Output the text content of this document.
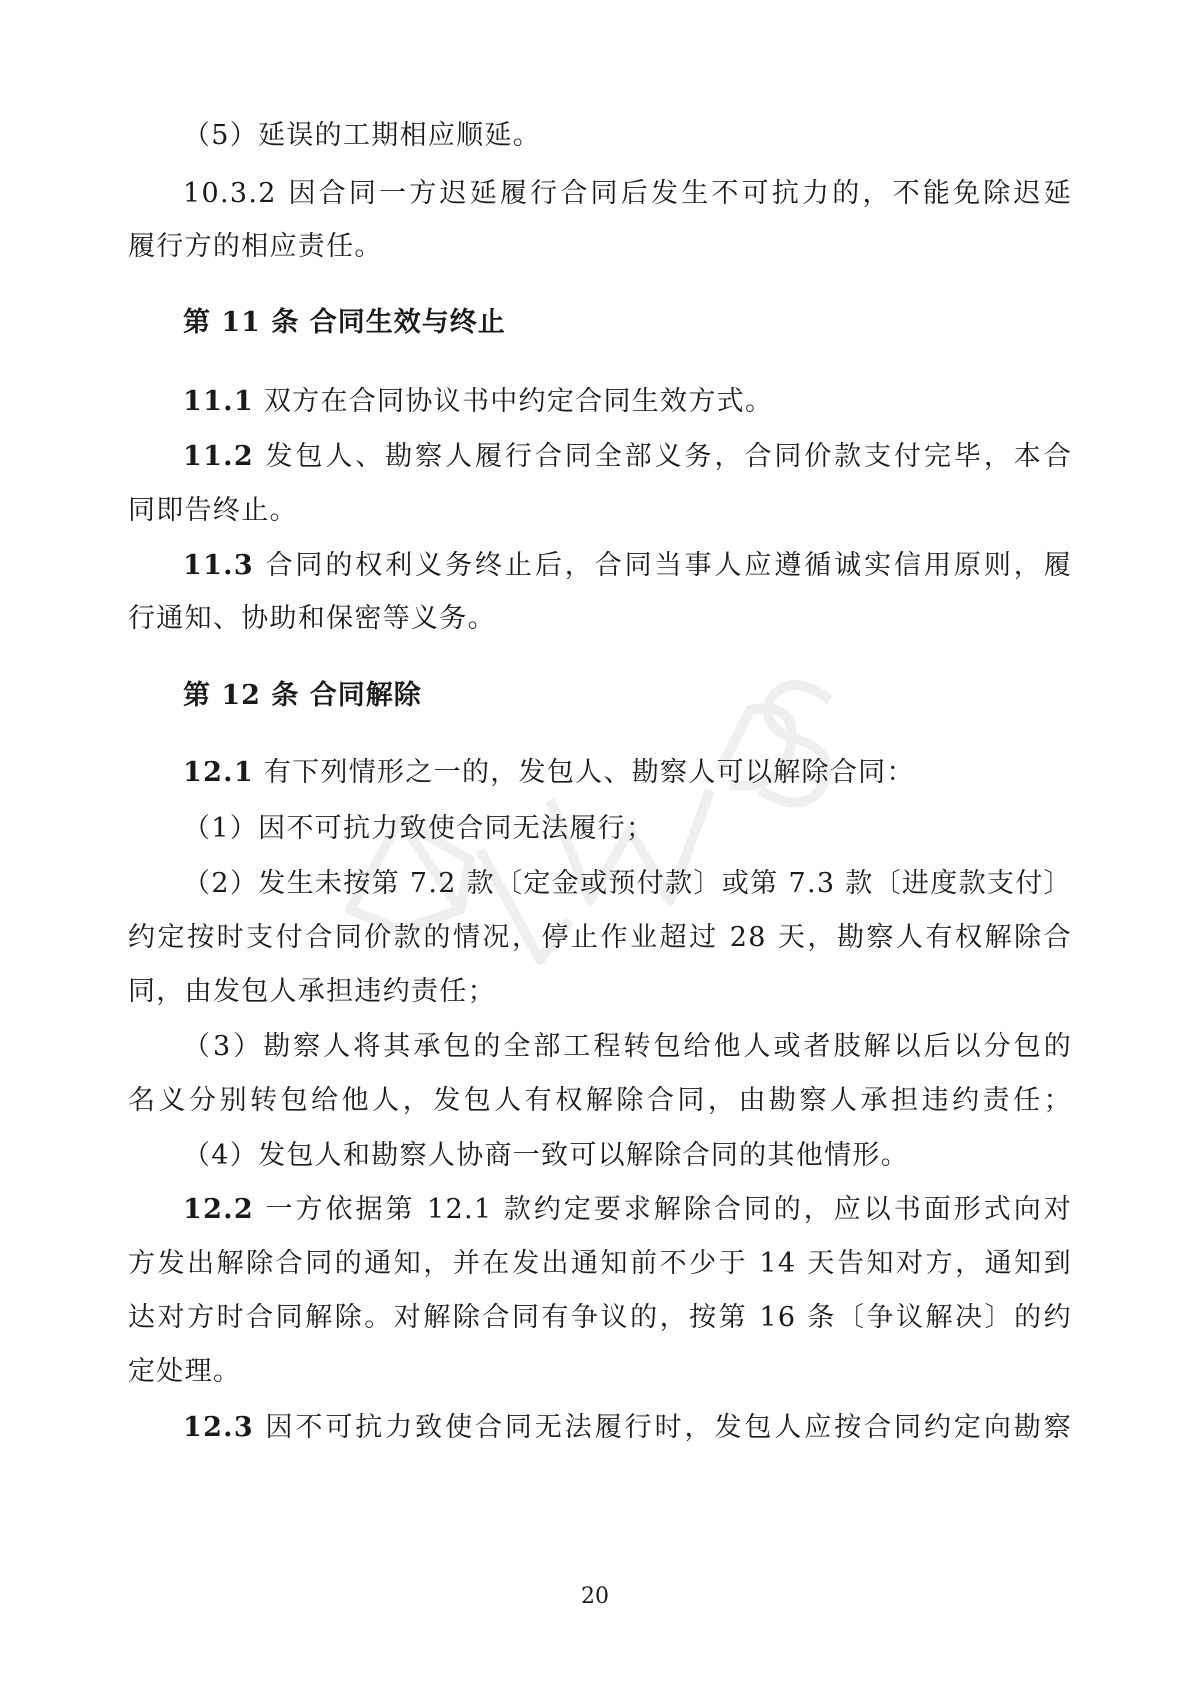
（5）延误的工期相应顺延。
10.3.2 因合同一方迟延履行合同后发生不可抗力的，不能免除迟延
履行方的相应责任。
第 11 条 合同生效与终止
11.1 双方在合同协议书中约定合同生效方式。
11.2 发包人、勘察人履行合同全部义务，合同价款支付完毕，本合
同即告终止。
11.3 合同的权利义务终止后，合同当事人应遵循诚实信用原则，履
行通知、协助和保密等义务。
第 12 条 合同解除
12.1 有下列情形之一的，发包人、勘察人可以解除合同：
（1）因不可抗力致使合同无法履行；
（2）发生未按第 7.2 款〔定金或预付款〕或第 7.3 款〔进度款支付〕
约定按时支付合同价款的情况，停止作业超过 28 天，勘察人有权解除合
同，由发包人承担违约责任；
（3）勘察人将其承包的全部工程转包给他人或者肢解以后以分包的
名义分别转包给他人，发包人有权解除合同，由勘察人承担违约责任；
（4）发包人和勘察人协商一致可以解除合同的其他情形。
12.2 一方依据第 12.1 款约定要求解除合同的，应以书面形式向对
方发出解除合同的通知，并在发出通知前不少于 14 天告知对方，通知到
达对方时合同解除。对解除合同有争议的，按第 16 条〔争议解决〕的约
定处理。
12.3 因不可抗力致使合同无法履行时，发包人应按合同约定向勘察
20
